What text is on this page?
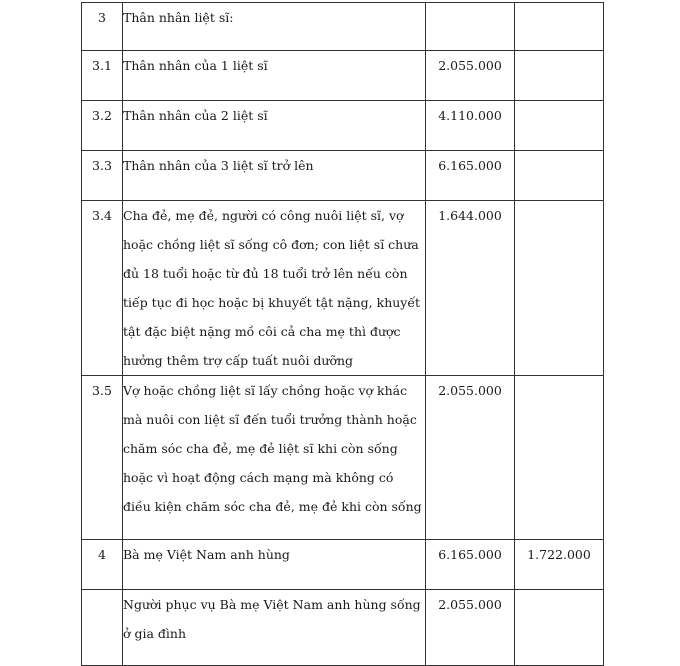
3	Thân nhân liệt sĩ:		
3.1	Thân nhân của 1 liệt sĩ	2.055.000	
3.2	Thân nhân của 2 liệt sĩ	4.110.000	
3.3	Thân nhân của 3 liệt sĩ trở lên	6.165.000	
3.4	Cha đẻ, mẹ đẻ, người có công nuôi liệt sĩ, vợ hoặc chồng liệt sĩ sống cô đơn; con liệt sĩ chưa đủ 18 tuổi hoặc từ đủ 18 tuổi trở lên nếu còn tiếp tục đi học hoặc bị khuyết tật nặng, khuyết tật đặc biệt nặng mồ côi cả cha mẹ thì được hưởng thêm trợ cấp tuất nuôi dưỡng	1.644.000	
3.5	Vợ hoặc chồng liệt sĩ lấy chồng hoặc vợ khác mà nuôi con liệt sĩ đến tuổi trưởng thành hoặc chăm sóc cha đẻ, mẹ đẻ liệt sĩ khi còn sống hoặc vì hoạt động cách mạng mà không có điều kiện chăm sóc cha đẻ, mẹ đẻ khi còn sống	2.055.000	
4	Bà mẹ Việt Nam anh hùng	6.165.000	1.722.000
	Người phục vụ Bà mẹ Việt Nam anh hùng sống ở gia đình	2.055.000	
